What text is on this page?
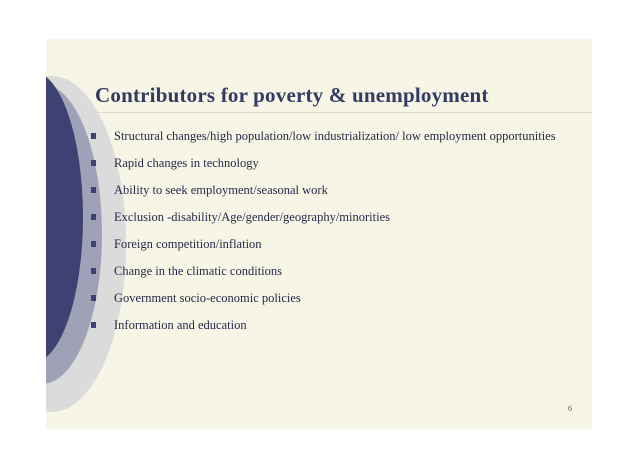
Contributors for poverty & unemployment
Structural changes/high population/low industrialization/ low employment opportunities
Rapid changes in technology
Ability to seek employment/seasonal work
Exclusion -disability/Age/gender/geography/minorities
Foreign competition/inflation
Change in the climatic conditions
Government socio-economic policies
Information and education
6
